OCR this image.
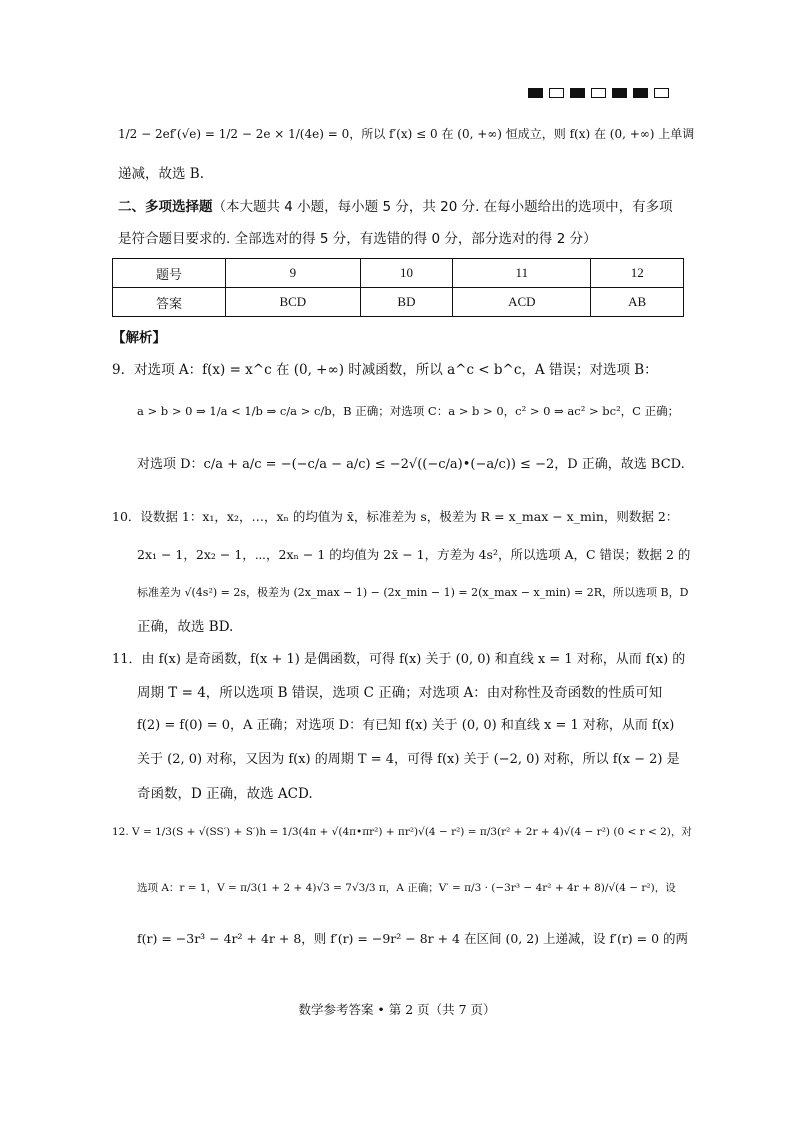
1/2 − 2ef′(√e) = 1/2 − 2e × 1/(4e) = 0，所以 f′(x) ≤ 0 在 (0, +∞) 恒成立，则 f(x) 在 (0, +∞) 上单调
递减，故选 B.
二、多项选择题（本大题共 4 小题，每小题 5 分，共 20 分. 在每小题给出的选项中，有多项
是符合题目要求的. 全部选对的得 5 分，有选错的得 0 分，部分选对的得 2 分）
题号	9	10	11	12
答案	BCD	BD	ACD	AB
【解析】
9．对选项 A：f(x) = x^c 在 (0, +∞) 时减函数，所以 a^c < b^c，A 错误；对选项 B：
a > b > 0 ⇒ 1/a < 1/b ⇒ c/a > c/b，B 正确；对选项 C：a > b > 0，c² > 0 ⇒ ac² > bc²，C 正确；
对选项 D：c/a + a/c = −(−c/a − a/c) ≤ −2√((−c/a)•(−a/c)) ≤ −2，D 正确，故选 BCD.
10．设数据 1：x₁，x₂，…，xₙ 的均值为 x̄，标准差为 s，极差为 R = x_max − x_min，则数据 2：
2x₁ − 1，2x₂ − 1，⋯，2xₙ − 1 的均值为 2x̄ − 1，方差为 4s²，所以选项 A，C 错误；数据 2 的
标准差为 √(4s²) = 2s，极差为 (2x_max − 1) − (2x_min − 1) = 2(x_max − x_min) = 2R，所以选项 B，D
正确，故选 BD.
11．由 f(x) 是奇函数，f(x + 1) 是偶函数，可得 f(x) 关于 (0, 0) 和直线 x = 1 对称，从而 f(x) 的
周期 T = 4，所以选项 B 错误，选项 C 正确；对选项 A：由对称性及奇函数的性质可知
f(2) = f(0) = 0，A 正确；对选项 D：有已知 f(x) 关于 (0, 0) 和直线 x = 1 对称，从而 f(x)
关于 (2, 0) 对称，又因为 f(x) 的周期 T = 4，可得 f(x) 关于 (−2, 0) 对称，所以 f(x − 2) 是
奇函数，D 正确，故选 ACD.
12. V = 1/3(S + √(SS′) + S′)h = 1/3(4π + √(4π•πr²) + πr²)√(4 − r²) = π/3(r² + 2r + 4)√(4 − r²) (0 < r < 2)，对
选项 A：r = 1，V = π/3(1 + 2 + 4)√3 = 7√3/3 π，A 正确；V′ = π/3 · (−3r³ − 4r² + 4r + 8)/√(4 − r²)，设
f(r) = −3r³ − 4r² + 4r + 8，则 f′(r) = −9r² − 8r + 4 在区间 (0, 2) 上递减，设 f′(r) = 0 的两
数学参考答案 • 第 2 页（共 7 页）
